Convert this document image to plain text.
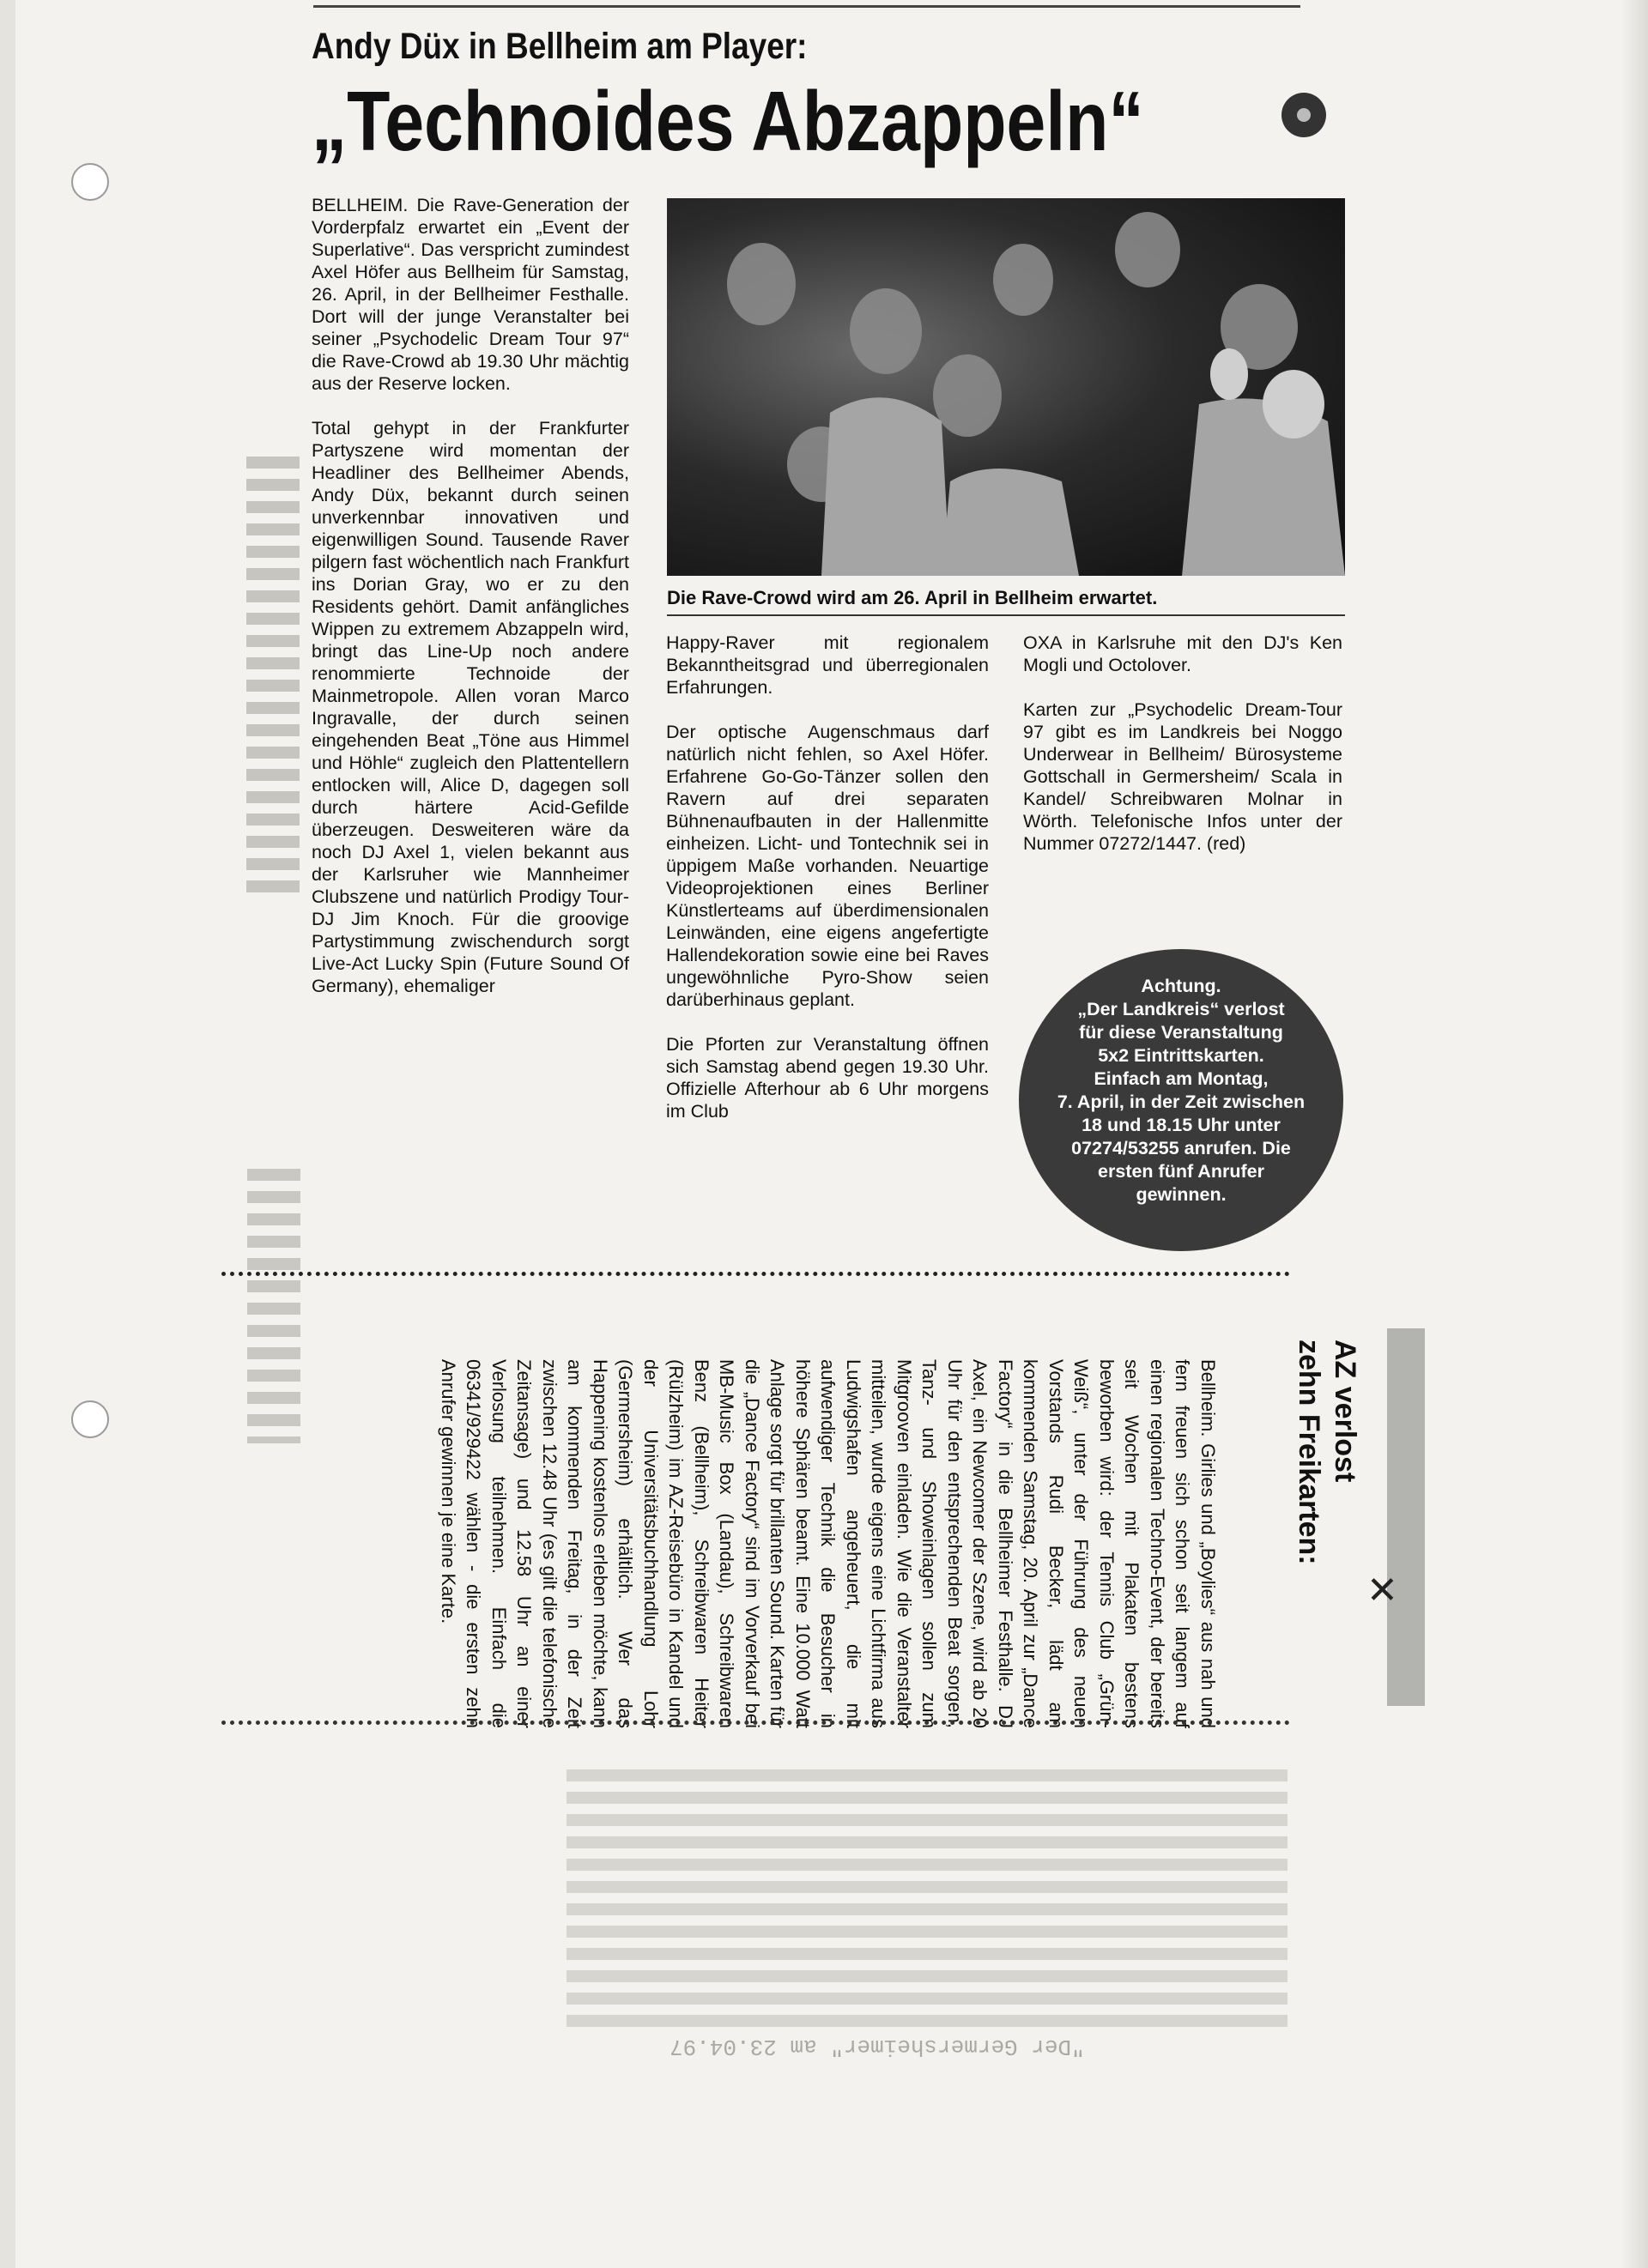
Andy Düx in Bellheim am Player:
„Technoides Abzappeln“

BELLHEIM. Die Rave-Generation der Vorderpfalz erwartet ein „Event der Superlative“. Das verspricht zumindest Axel Höfer aus Bellheim für Samstag, 26. April, in der Bellheimer Festhalle. Dort will der junge Veranstalter bei seiner „Psychodelic Dream Tour 97“ die Rave-Crowd ab 19.30 Uhr mächtig aus der Reserve locken.

Total gehypt in der Frankfurter Partyszene wird momentan der Headliner des Bellheimer Abends, Andy Düx, bekannt durch seinen unverkennbar innovativen und eigenwilligen Sound. Tausende Raver pilgern fast wöchentlich nach Frankfurt ins Dorian Gray, wo er zu den Residents gehört. Damit anfängliches Wippen zu extremem Abzappeln wird, bringt das Line-Up noch andere renommierte Technoide der Mainmetropole. Allen voran Marco Ingravalle, der durch seinen eingehenden Beat „Töne aus Himmel und Höhle“ zugleich den Plattentellern entlocken will, Alice D, dagegen soll durch härtere Acid-Gefilde überzeugen. Desweiteren wäre da noch DJ Axel 1, vielen bekannt aus der Karlsruher wie Mannheimer Clubszene und natürlich Prodigy Tour-DJ Jim Knoch. Für die groovige Partystimmung zwischendurch sorgt Live-Act Lucky Spin (Future Sound Of Germany), ehemaliger

Die Rave-Crowd wird am 26. April in Bellheim erwartet.

Happy-Raver mit regionalem Bekanntheitsgrad und überregionalen Erfahrungen.

Der optische Augenschmaus darf natürlich nicht fehlen, so Axel Höfer. Erfahrene Go-Go-Tänzer sollen den Ravern auf drei separaten Bühnenaufbauten in der Hallenmitte einheizen. Licht- und Tontechnik sei in üppigem Maße vorhanden. Neuartige Videoprojektionen eines Berliner Künstlerteams auf überdimensionalen Leinwänden, eine eigens angefertigte Hallendekoration sowie eine bei Raves ungewöhnliche Pyro-Show seien darüberhinaus geplant.

Die Pforten zur Veranstaltung öffnen sich Samstag abend gegen 19.30 Uhr. Offizielle Afterhour ab 6 Uhr morgens im Club

OXA in Karlsruhe mit den DJ's Ken Mogli und Octolover.

Karten zur „Psychodelic Dream-Tour 97 gibt es im Landkreis bei Noggo Underwear in Bellheim/ Bürosysteme Gottschall in Germersheim/ Scala in Kandel/ Schreibwaren Molnar in Wörth. Telefonische Infos unter der Nummer 07272/1447. (red)

Achtung.
„Der Landkreis“ verlost
für diese Veranstaltung
5x2 Eintrittskarten.
Einfach am Montag,
7. April, in der Zeit zwischen
18 und 18.15 Uhr unter
07274/53255 anrufen. Die
ersten fünf Anrufer
gewinnen.
AZ verlost
zehn Freikarten:

Bellheim. Girlies und „Boylies“ aus nah und fern freuen sich schon seit langem auf einen regionalen Techno-Event, der bereits seit Wochen mit Plakaten bestens beworben wird: der Tennis Club „Grün-Weiß“, unter der Führung des neuen Vorstands Rudi Becker, lädt am kommenden Samstag, 20. April zur „Dance Factory“ in die Bellheimer Festhalle. DJ Axel, ein Newcomer der Szene, wird ab 20 Uhr für den entsprechenden Beat sorgen, Tanz- und Showeinlagen sollen zum Mitgrooven einladen. Wie die Veranstalter mitteilen, wurde eigens eine Lichtfirma aus Ludwigshafen angeheuert, die mit aufwendiger Technik die Besucher in höhere Sphären beamt. Eine 10.000 Watt Anlage sorgt für brillanten Sound. Karten für die „Dance Factory“ sind im Vorverkauf bei MB-Music Box (Landau), Schreibwaren Benz (Bellheim), Schreibwaren Heiter (Rülzheim) im AZ-Reisebüro in Kandel und der Universitätsbuchhandlung Lohr (Germersheim) erhältlich. Wer das Happening kostenlos erleben möchte, kann am kommenden Freitag, in der Zeit zwischen 12.48 Uhr (es gilt die telefonische Zeitansage) und 12.58 Uhr an einer Verlosung teilnehmen. Einfach die 06341/929422 wählen - die ersten zehn Anrufer gewinnen je eine Karte.	✕
"Der Germersheimer" am 23.04.97
